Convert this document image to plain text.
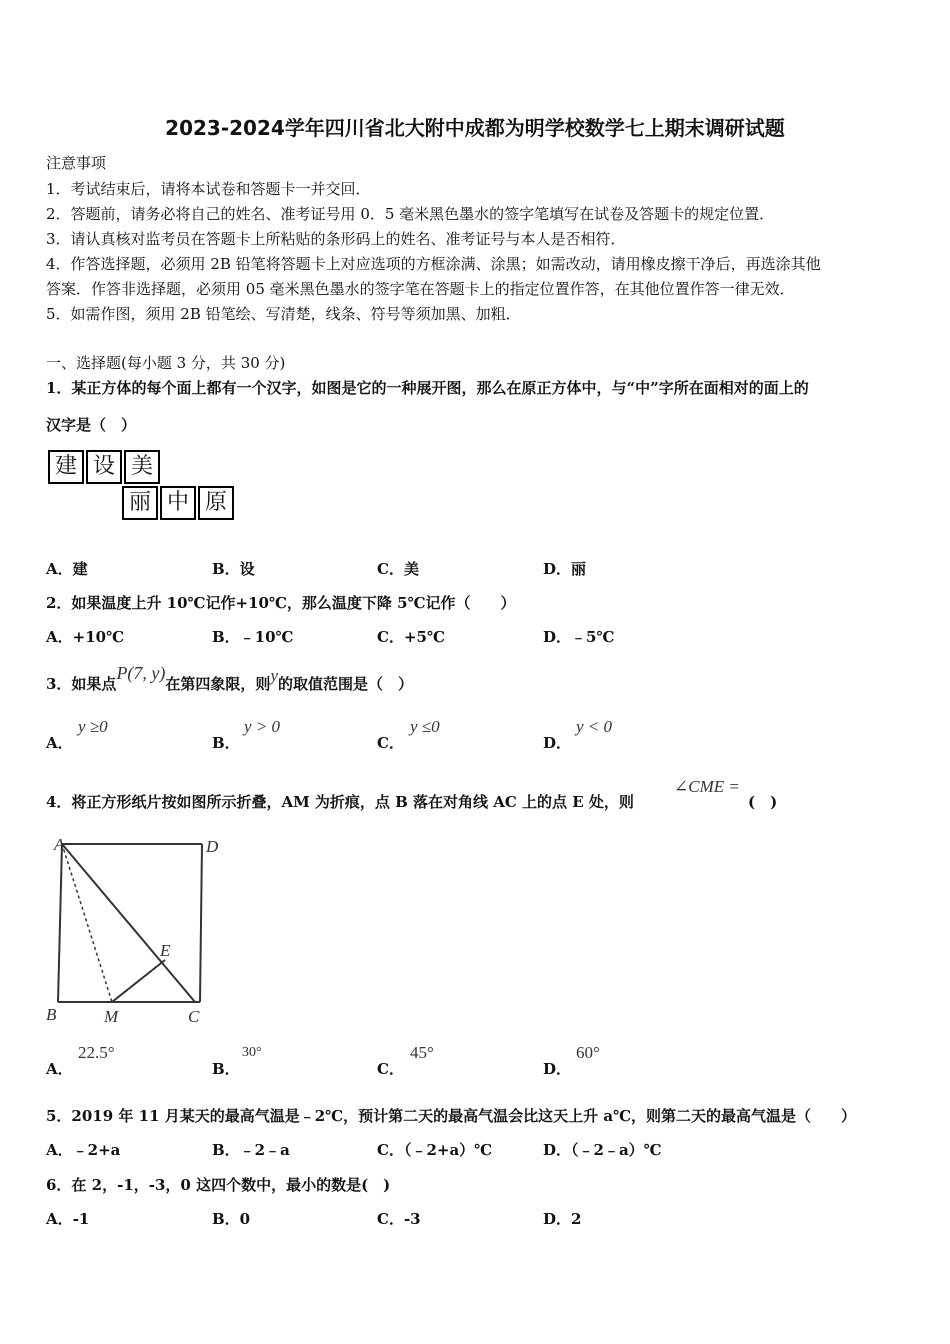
2023-2024学年四川省北大附中成都为明学校数学七上期末调研试题
注意事项
1．考试结束后，请将本试卷和答题卡一并交回．
2．答题前，请务必将自己的姓名、准考证号用 0．5 毫米黑色墨水的签字笔填写在试卷及答题卡的规定位置．
3．请认真核对监考员在答题卡上所粘贴的条形码上的姓名、准考证号与本人是否相符．
4．作答选择题，必须用 2B 铅笔将答题卡上对应选项的方框涂满、涂黑；如需改动，请用橡皮擦干净后，再选涂其他
答案．作答非选择题，必须用 05 毫米黑色墨水的签字笔在答题卡上的指定位置作答，在其他位置作答一律无效．
5．如需作图，须用 2B 铅笔绘、写清楚，线条、符号等须加黑、加粗．
一、选择题(每小题 3 分，共 30 分)
1．某正方体的每个面上都有一个汉字，如图是它的一种展开图，那么在原正方体中，与“中”字所在面相对的面上的
汉字是（　）
建 设 美
丽 中 原
A．建	B．设	C．美	D．丽
2．如果温度上升 10℃记作+10℃，那么温度下降 5℃记作（　　）
A．+10℃	B．﹣10℃	C．+5℃	D．﹣5℃
3．如果点P(7, y)在第四象限，则y的取值范围是（　）
A．
y ≥0
B．
y > 0
C．
y ≤0
D．
y < 0
4．将正方形纸片按如图所示折叠，AM 为折痕，点 B 落在对角线 AC 上的点 E 处，则
∠CME =
(　)
A	D
B	M	C
E
A．
22.5°
B．
30°
C．
45°
D．
60°
5．2019 年 11 月某天的最高气温是﹣2℃，预计第二天的最高气温会比这天上升 a℃，则第二天的最高气温是（　　）
A．﹣2+a	B．﹣2﹣a	C．（﹣2+a）℃	D．（﹣2﹣a）℃
6．在 2，-1，-3，0 这四个数中，最小的数是(　)
A．-1	B．0	C．-3	D．2
